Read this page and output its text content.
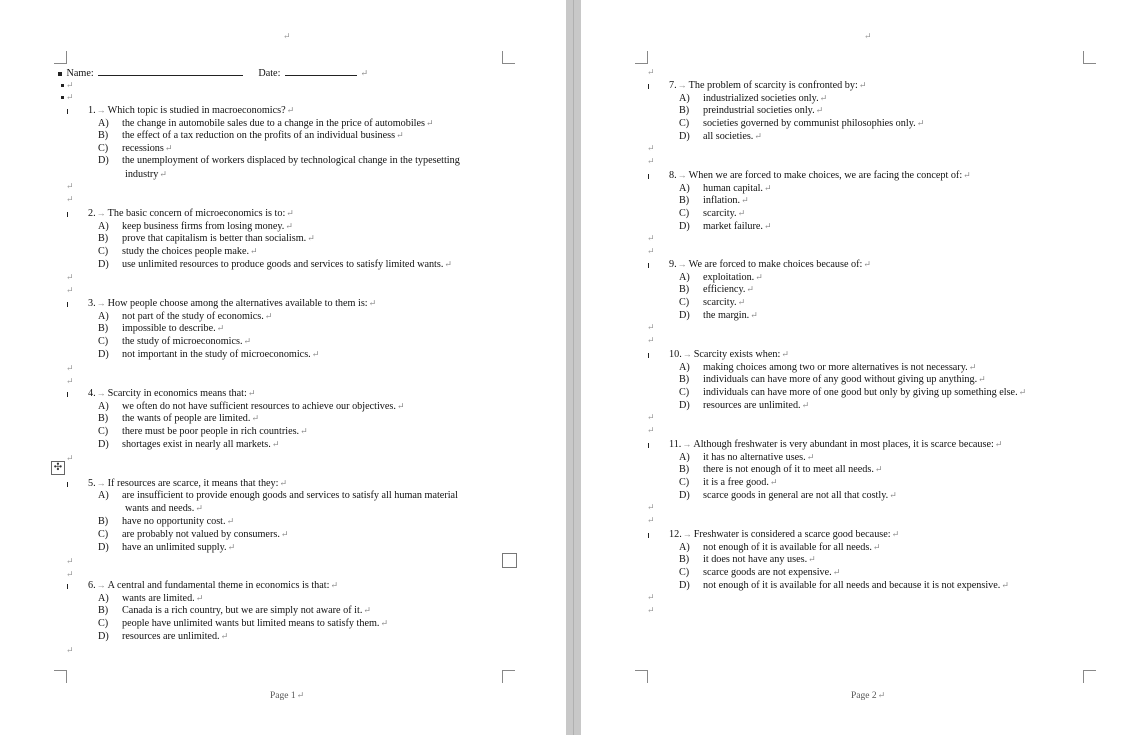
↵
Name:	Date:	↵
↵
↵
✣
Page 1↵
1.→ Which topic is studied in macroeconomics?↵
A) the change in automobile sales due to a change in the price of automobiles↵
B) the effect of a tax reduction on the profits of an individual business↵
C) recessions↵
D) the unemployment of workers displaced by technological change in the typesetting
industry↵
2.→ The basic concern of microeconomics is to:↵
A) keep business firms from losing money.↵
B) prove that capitalism is better than socialism.↵
C) study the choices people make.↵
D) use unlimited resources to produce goods and services to satisfy limited wants.↵
3.→ How people choose among the alternatives available to them is:↵
A) not part of the study of economics.↵
B) impossible to describe.↵
C) the study of microeconomics.↵
D) not important in the study of microeconomics.↵
4.→ Scarcity in economics means that:↵
A) we often do not have sufficient resources to achieve our objectives.↵
B) the wants of people are limited.↵
C) there must be poor people in rich countries.↵
D) shortages exist in nearly all markets.↵
5.→ If resources are scarce, it means that they:↵
A) are insufficient to provide enough goods and services to satisfy all human material
wants and needs.↵
B) have no opportunity cost.↵
C) are probably not valued by consumers.↵
D) have an unlimited supply.↵
6.→ A central and fundamental theme in economics is that:↵
A) wants are limited.↵
B) Canada is a rich country, but we are simply not aware of it.↵
C) people have unlimited wants but limited means to satisfy them.↵
D) resources are unlimited.↵
↵
↵
↵
↵
↵
↵
↵
↵
↵
↵
↵
Page 2↵
7.→ The problem of scarcity is confronted by:↵
A) industrialized societies only.↵
B) preindustrial societies only.↵
C) societies governed by communist philosophies only.↵
D) all societies.↵
8.→ When we are forced to make choices, we are facing the concept of:↵
A) human capital.↵
B) inflation.↵
C) scarcity.↵
D) market failure.↵
9.→ We are forced to make choices because of:↵
A) exploitation.↵
B) efficiency.↵
C) scarcity.↵
D) the margin.↵
10.→ Scarcity exists when:↵
A) making choices among two or more alternatives is not necessary.↵
B) individuals can have more of any good without giving up anything.↵
C) individuals can have more of one good but only by giving up something else.↵
D) resources are unlimited.↵
11.→ Although freshwater is very abundant in most places, it is scarce because:↵
A) it has no alternative uses.↵
B) there is not enough of it to meet all needs.↵
C) it is a free good.↵
D) scarce goods in general are not all that costly.↵
12.→ Freshwater is considered a scarce good because:↵
A) not enough of it is available for all needs.↵
B) it does not have any uses.↵
C) scarce goods are not expensive.↵
D) not enough of it is available for all needs and because it is not expensive.↵
↵
↵
↵
↵
↵
↵
↵
↵
↵
↵
↵
↵
↵
